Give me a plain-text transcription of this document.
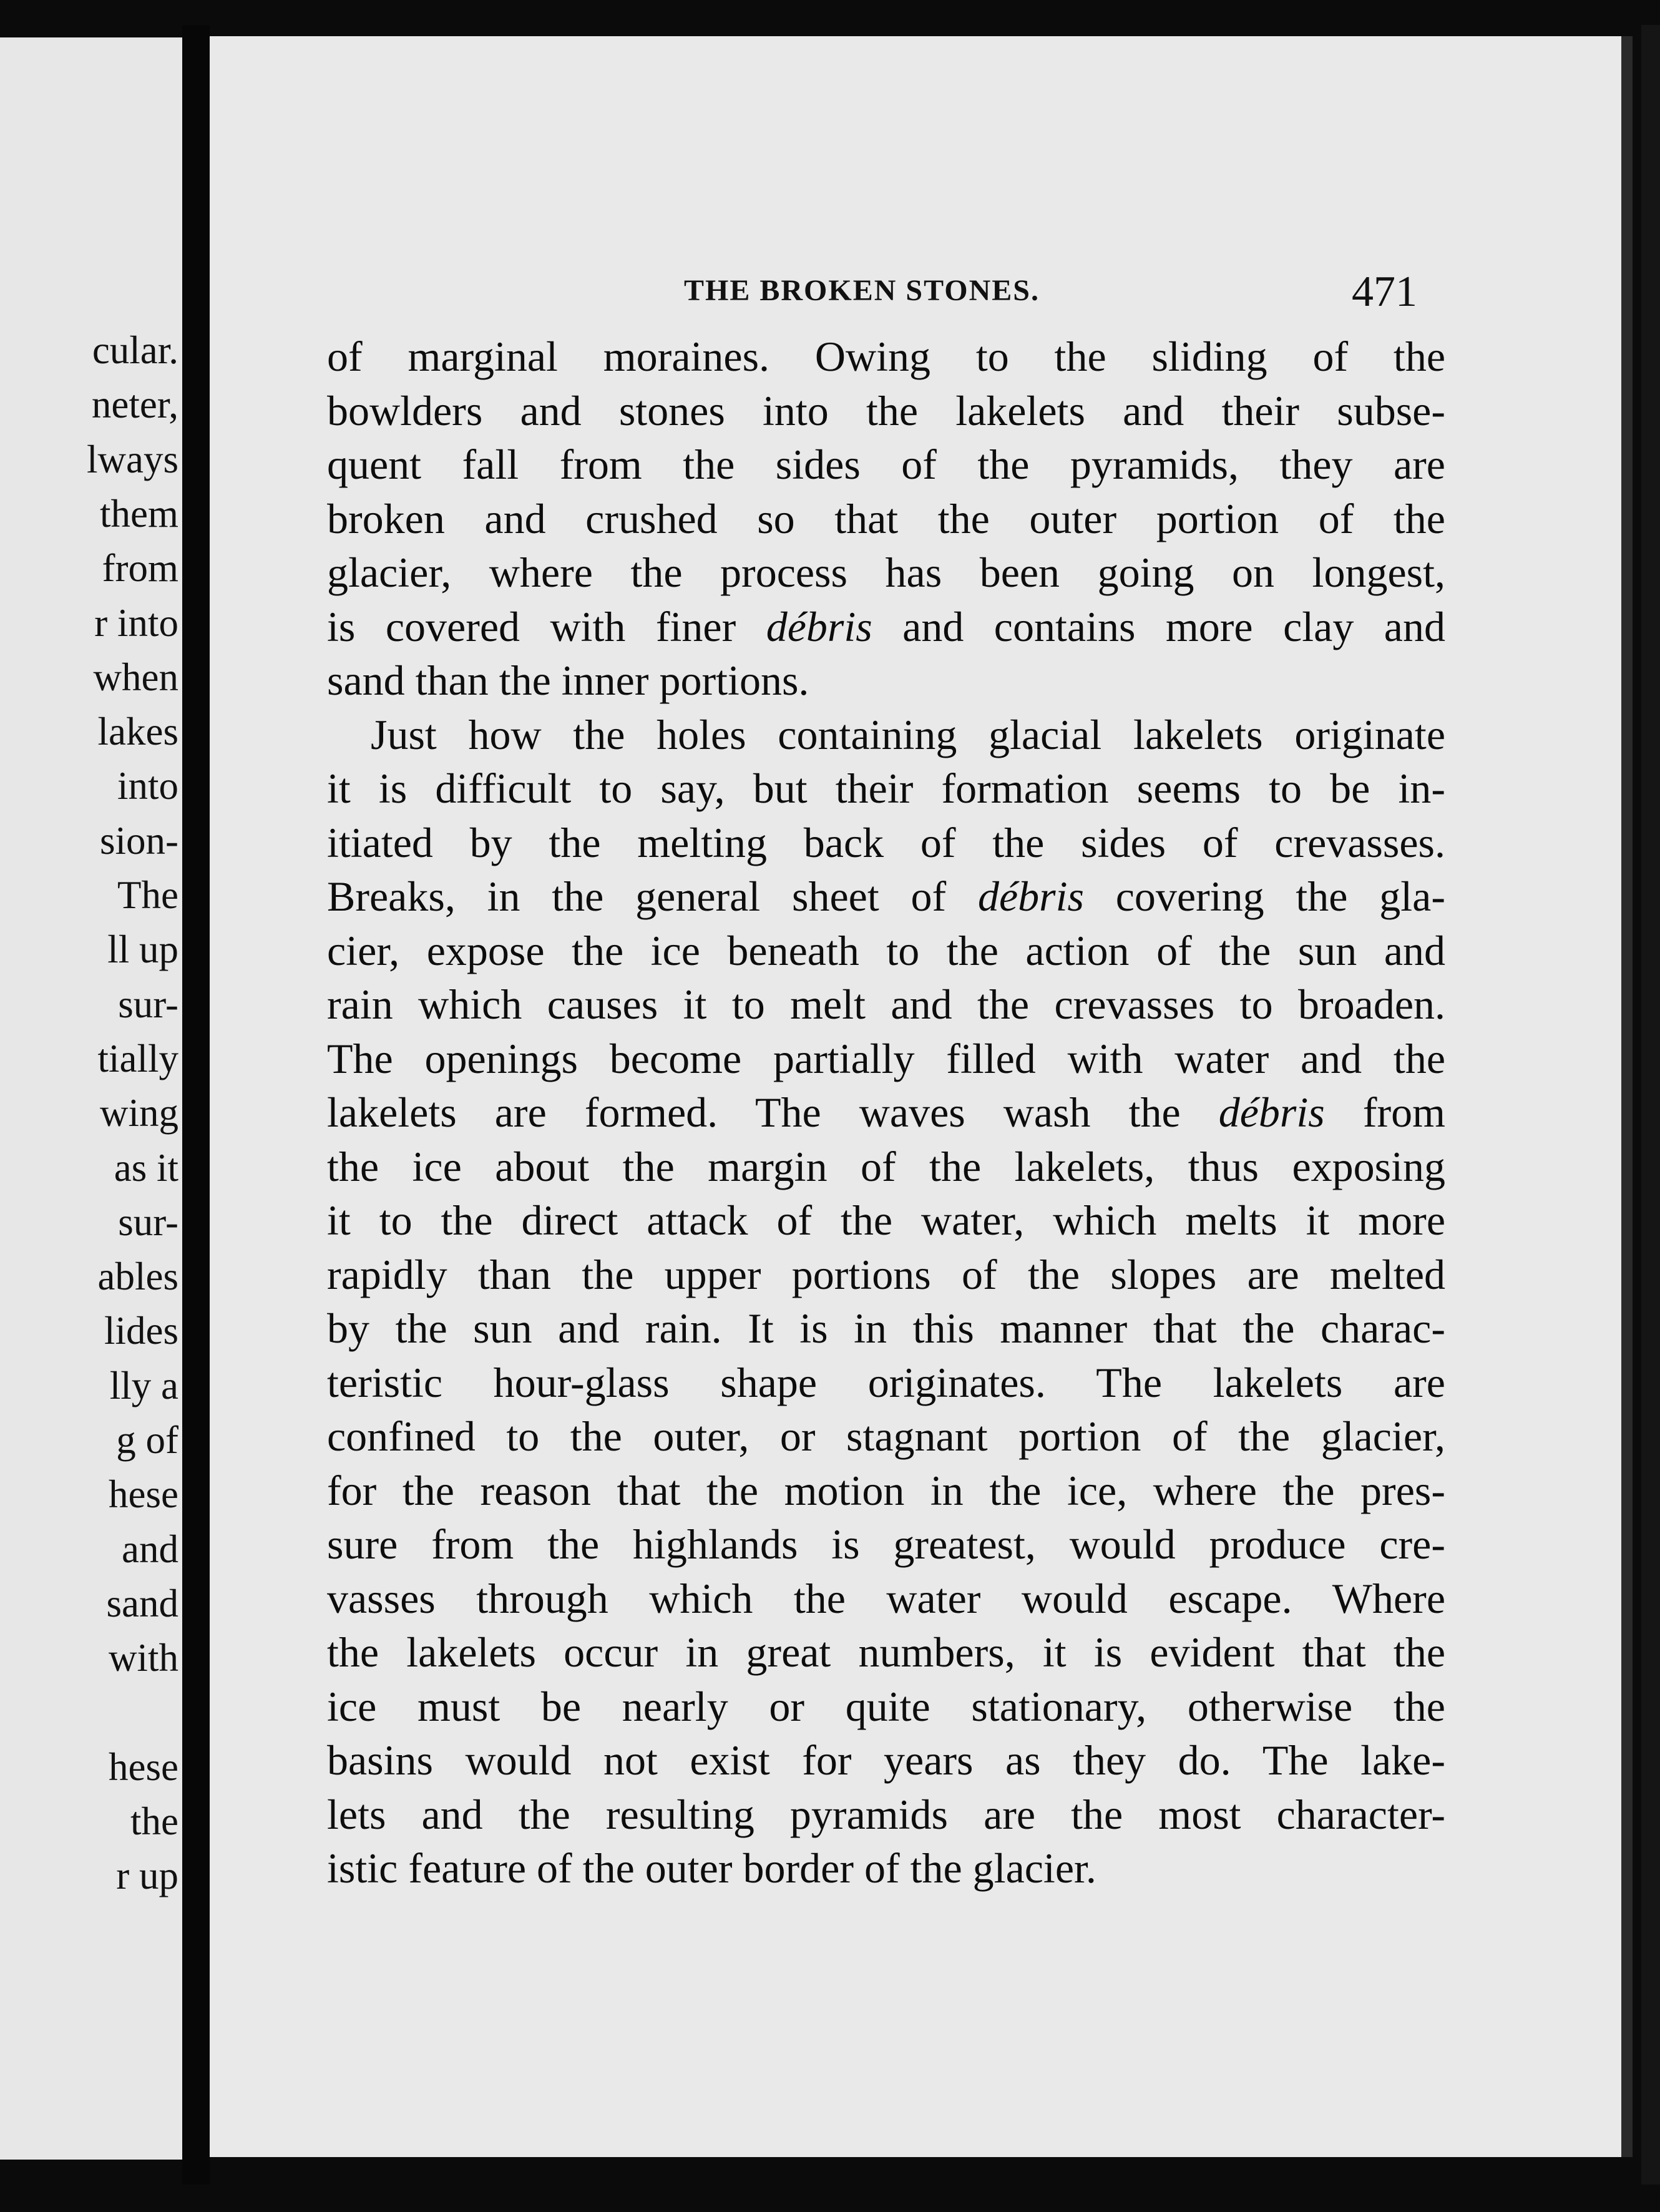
cular.
neter,
lways
them
from
r into
when
lakes
into
sion-
The
ll up
sur-
tially
wing
as it
sur-
ables
lides
lly a
g of
hese
and
sand
with
hese
the
r up
THE BROKEN STONES.	471

of marginal moraines. Owing to the sliding of the
bowlders and stones into the lakelets and their subse-
quent fall from the sides of the pyramids, they are
broken and crushed so that the outer portion of the
glacier, where the process has been going on longest,
is covered with finer débris and contains more clay and
sand than the inner portions.

Just how the holes containing glacial lakelets originate
it is difficult to say, but their formation seems to be in-
itiated by the melting back of the sides of crevasses.
Breaks, in the general sheet of débris covering the gla-
cier, expose the ice beneath to the action of the sun and
rain which causes it to melt and the crevasses to broaden.
The openings become partially filled with water and the
lakelets are formed. The waves wash the débris from
the ice about the margin of the lakelets, thus exposing
it to the direct attack of the water, which melts it more
rapidly than the upper portions of the slopes are melted
by the sun and rain. It is in this manner that the charac-
teristic hour-glass shape originates. The lakelets are
confined to the outer, or stagnant portion of the glacier,
for the reason that the motion in the ice, where the pres-
sure from the highlands is greatest, would produce cre-
vasses through which the water would escape. Where
the lakelets occur in great numbers, it is evident that the
ice must be nearly or quite stationary, otherwise the
basins would not exist for years as they do. The lake-
lets and the resulting pyramids are the most character-
istic feature of the outer border of the glacier.
